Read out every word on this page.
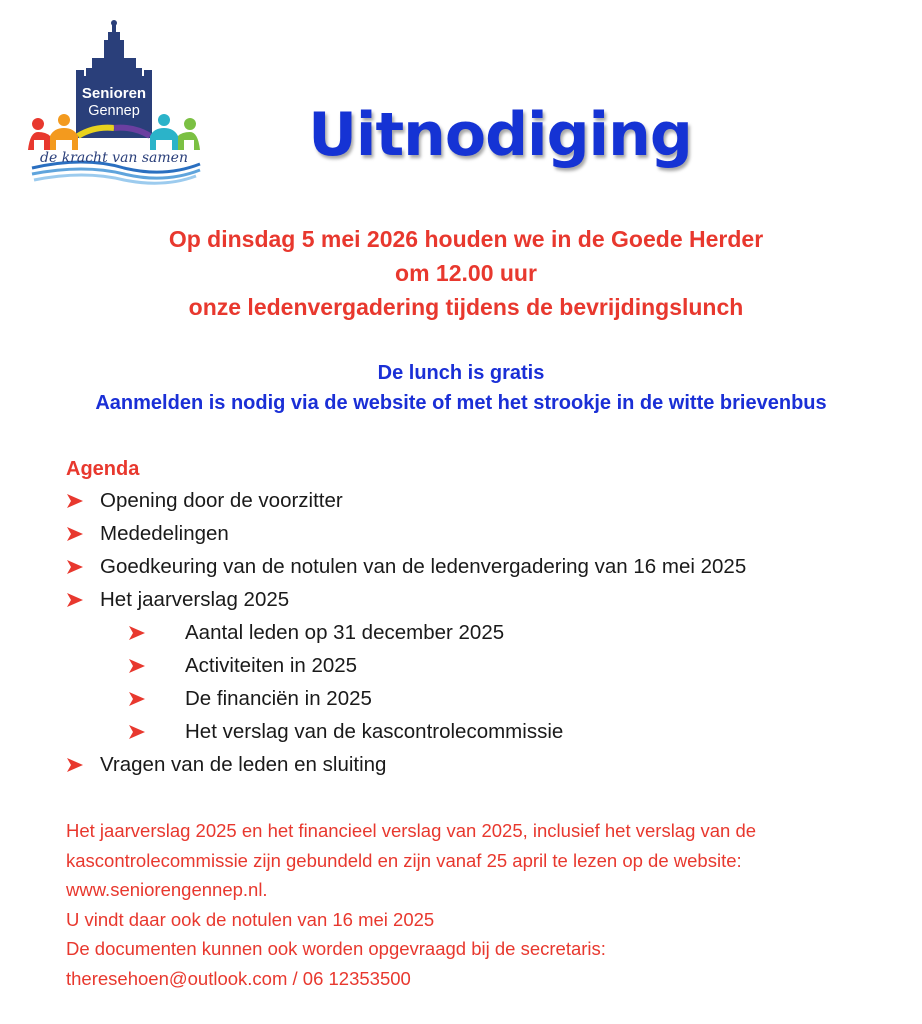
Senioren
Gennep
de kracht van samen	Uitnodiging
Op dinsdag 5 mei 2026 houden we in de Goede Herder
om 12.00 uur
onze ledenvergadering tijdens de bevrijdingslunch
De lunch is gratis
Aanmelden is nodig via de website of met het strookje in de witte brievenbus
Agenda
Opening door de voorzitter
Mededelingen
Goedkeuring van de notulen van de ledenvergadering van 16 mei 2025
Het jaarverslag 2025
Aantal leden op 31 december 2025
Activiteiten in 2025
De financiën in 2025
Het verslag van de kascontrolecommissie
Vragen van de leden en sluiting

Het jaarverslag 2025 en het financieel verslag van 2025, inclusief het verslag van de

kascontrolecommissie zijn gebundeld en zijn vanaf 25 april te lezen op de website:

www.seniorengennep.nl.

U vindt daar ook de notulen van 16 mei 2025

De documenten kunnen ook worden opgevraagd bij de secretaris:

theresehoen@outlook.com / 06 12353500
